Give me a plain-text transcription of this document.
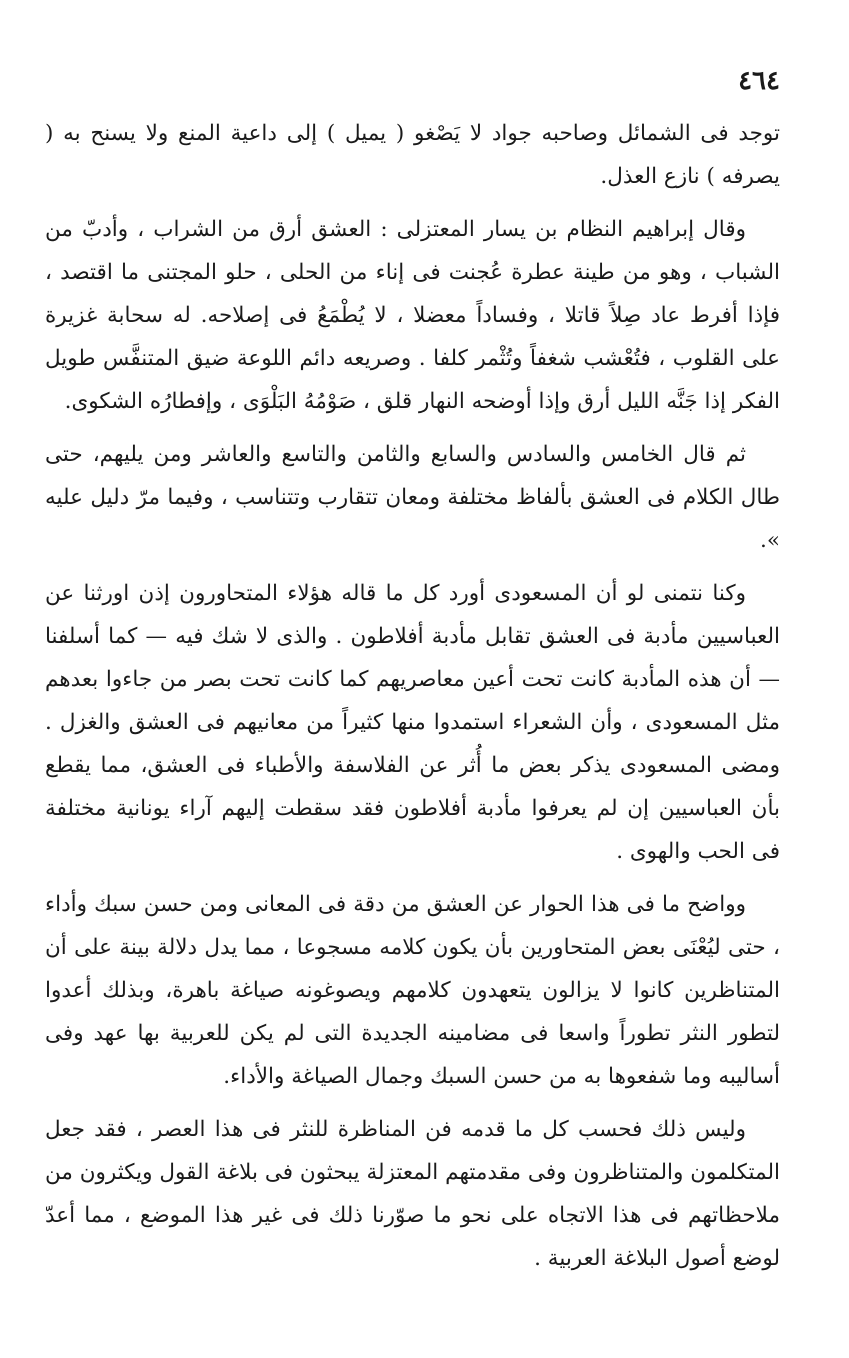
٤٦٤

توجد فى الشمائل وصاحبه جواد لا يَصْغو ( يميل ) إلى داعية المنع ولا يسنح به ( يصرفه ) نازع العذل.

وقال إبراهيم النظام بن يسار المعتزلى : العشق أرق من الشراب ، وأدبّ من الشباب ، وهو من طينة عطرة عُجنت فى إناء من الحلى ، حلو المجتنى ما اقتصد ، فإذا أفرط عاد صِلاً قاتلا ، وفساداً معضلا ، لا يُطْمَعُ فى إصلاحه. له سحابة غزيرة على القلوب ، فتُعْشب شغفاً وتُثْمر كلفا . وصريعه دائم اللوعة ضيق المتنفَّس طويل الفكر إذا جَنَّه الليل أرق وإذا أوضحه النهار قلق ، صَوْمُهُ البَلْوَى ، وإفطارُه الشكوى.

ثم قال الخامس والسادس والسابع والثامن والتاسع والعاشر ومن يليهم، حتى طال الكلام فى العشق بألفاظ مختلفة ومعان تتقارب وتتناسب ، وفيما مرّ دليل عليه ».

وكنا نتمنى لو أن المسعودى أورد كل ما قاله هؤلاء المتحاورون إذن اورثنا عن العباسيين مأدبة فى العشق تقابل مأدبة أفلاطون . والذى لا شك فيه — كما أسلفنا — أن هذه المأدبة كانت تحت أعين معاصريهم كما كانت تحت بصر من جاءوا بعدهم مثل المسعودى ، وأن الشعراء استمدوا منها كثيراً من معانيهم فى العشق والغزل . ومضى المسعودى يذكر بعض ما أُثر عن الفلاسفة والأطباء فى العشق، مما يقطع بأن العباسيين إن لم يعرفوا مأدبة أفلاطون فقد سقطت إليهم آراء يونانية مختلفة فى الحب والهوى .

وواضح ما فى هذا الحوار عن العشق من دقة فى المعانى ومن حسن سبك وأداء ، حتى ليُعْنَى بعض المتحاورين بأن يكون كلامه مسجوعا ، مما يدل دلالة بينة على أن المتناظرين كانوا لا يزالون يتعهدون كلامهم ويصوغونه صياغة باهرة، وبذلك أعدوا لتطور النثر تطوراً واسعا فى مضامينه الجديدة التى لم يكن للعربية بها عهد وفى أساليبه وما شفعوها به من حسن السبك وجمال الصياغة والأداء.

وليس ذلك فحسب كل ما قدمه فن المناظرة للنثر فى هذا العصر ، فقد جعل المتكلمون والمتناظرون وفى مقدمتهم المعتزلة يبحثون فى بلاغة القول ويكثرون من ملاحظاتهم فى هذا الاتجاه على نحو ما صوّرنا ذلك فى غير هذا الموضع ، مما أعدّ لوضع أصول البلاغة العربية .
